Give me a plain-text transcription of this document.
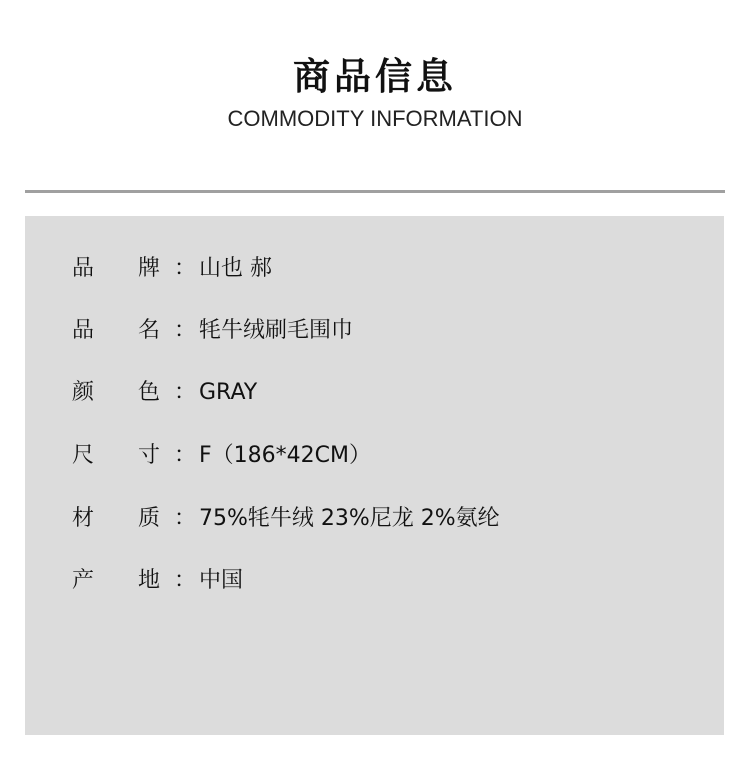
商品信息
COMMODITY INFORMATION
品	牌 ： 山也 郝
品	名 ： 牦牛绒刷毛围巾
颜	色 ： GRAY
尺	寸 ： F（186*42CM）
材	质 ： 75%牦牛绒 23%尼龙 2%氨纶
产	地 ： 中国
